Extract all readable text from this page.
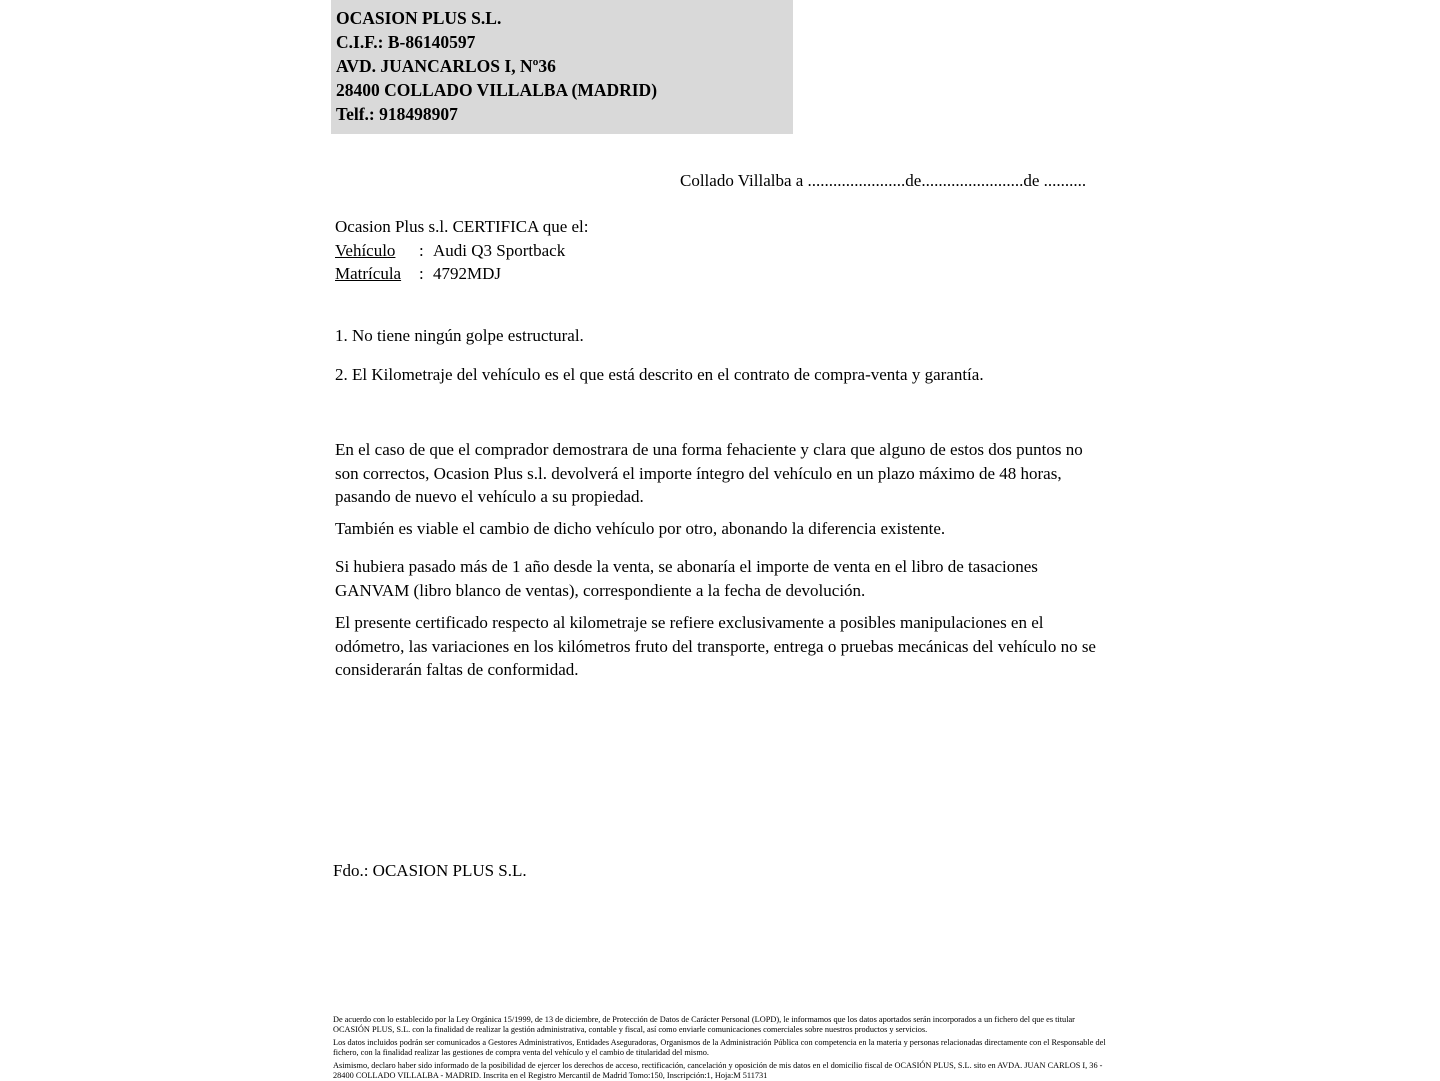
OCASION PLUS S.L.
C.I.F.: B-86140597
AVD. JUANCARLOS I, Nº36
28400 COLLADO VILLALBA (MADRID)
Telf.: 918498907
Collado Villalba a .......................de........................de ..........
Ocasion Plus s.l. CERTIFICA que el:
Vehículo	: Audi Q3 Sportback
Matrícula	: 4792MDJ
1. No tiene ningún golpe estructural.
2. El Kilometraje del vehículo es el que está descrito en el contrato de compra-venta y garantía.
En el caso de que el comprador demostrara de una forma fehaciente y clara que alguno de estos dos puntos no son correctos, Ocasion Plus s.l. devolverá el importe íntegro del vehículo en un plazo máximo de 48 horas, pasando de nuevo el vehículo a su propiedad.
También es viable el cambio de dicho vehículo por otro, abonando la diferencia existente.
Si hubiera pasado más de 1 año desde la venta, se abonaría el importe de venta en el libro de tasaciones GANVAM (libro blanco de ventas), correspondiente a la fecha de devolución.
El presente certificado respecto al kilometraje se refiere exclusivamente a posibles manipulaciones en el odómetro, las variaciones en los kilómetros fruto del transporte, entrega o pruebas mecánicas del vehículo no se considerarán faltas de conformidad.
Fdo.: OCASION PLUS S.L.

De acuerdo con lo establecido por la Ley Orgánica 15/1999, de 13 de diciembre, de Protección de Datos de Carácter Personal (LOPD), le informamos que los datos aportados serán incorporados a un fichero del que es titular OCASIÓN PLUS, S.L. con la finalidad de realizar la gestión administrativa, contable y fiscal, así como enviarle comunicaciones comerciales sobre nuestros productos y servicios.

Los datos incluidos podrán ser comunicados a Gestores Administrativos, Entidades Aseguradoras, Organismos de la Administración Pública con competencia en la materia y personas relacionadas directamente con el Responsable del fichero, con la finalidad realizar las gestiones de compra venta del vehículo y el cambio de titularidad del mismo.

Asimismo, declaro haber sido informado de la posibilidad de ejercer los derechos de acceso, rectificación, cancelación y oposición de mis datos en el domicilio fiscal de OCASIÓN PLUS, S.L. sito en AVDA. JUAN CARLOS I, 36 - 28400 COLLADO VILLALBA - MADRID. Inscrita en el Registro Mercantil de Madrid Tomo:150, Inscripción:1, Hoja:M 511731
